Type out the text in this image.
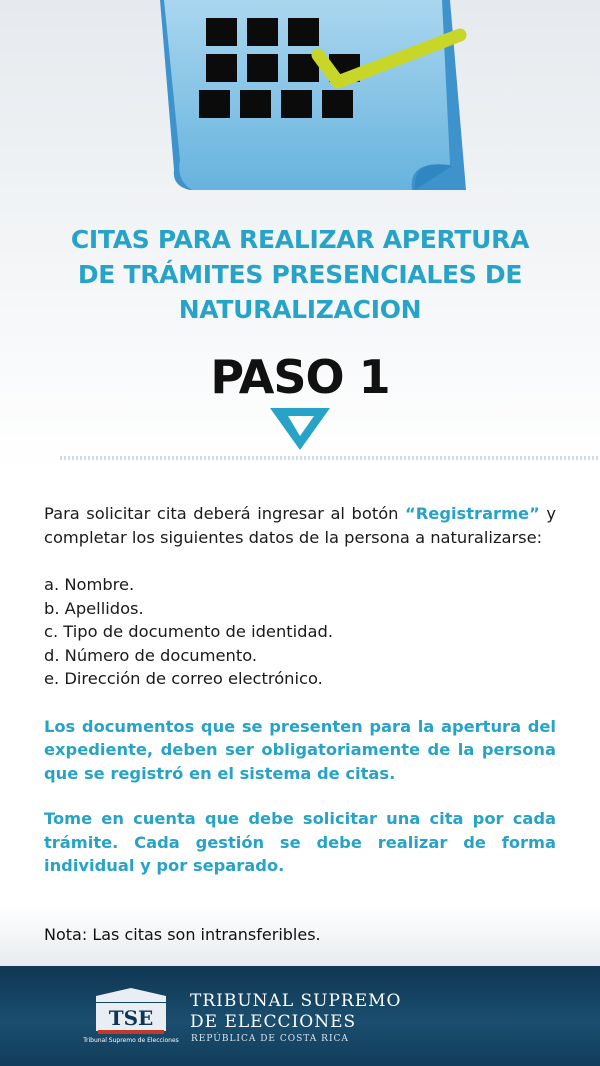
CITAS PARA REALIZAR APERTURA
DE TRÁMITES PRESENCIALES DE
NATURALIZACION
PASO 1

Para solicitar cita deberá ingresar al botón “Registrarme” y completar los siguientes datos de la persona a naturalizarse:

a. Nombre.
b. Apellidos.
c. Tipo de documento de identidad.
d. Número de documento.
e. Dirección de correo electrónico.

Los documentos que se presenten para la apertura del expediente, deben ser obligatoriamente de la persona que se registró en el sistema de citas.

Tome en cuenta que debe solicitar una cita por cada trámite. Cada gestión se debe realizar de forma individual y por separado.

Nota: Las citas son intransferibles.
TSE
Tribunal Supremo de Elecciones
TRIBUNAL SUPREMO
DE ELECCIONES
REPÚBLICA DE COSTA RICA
